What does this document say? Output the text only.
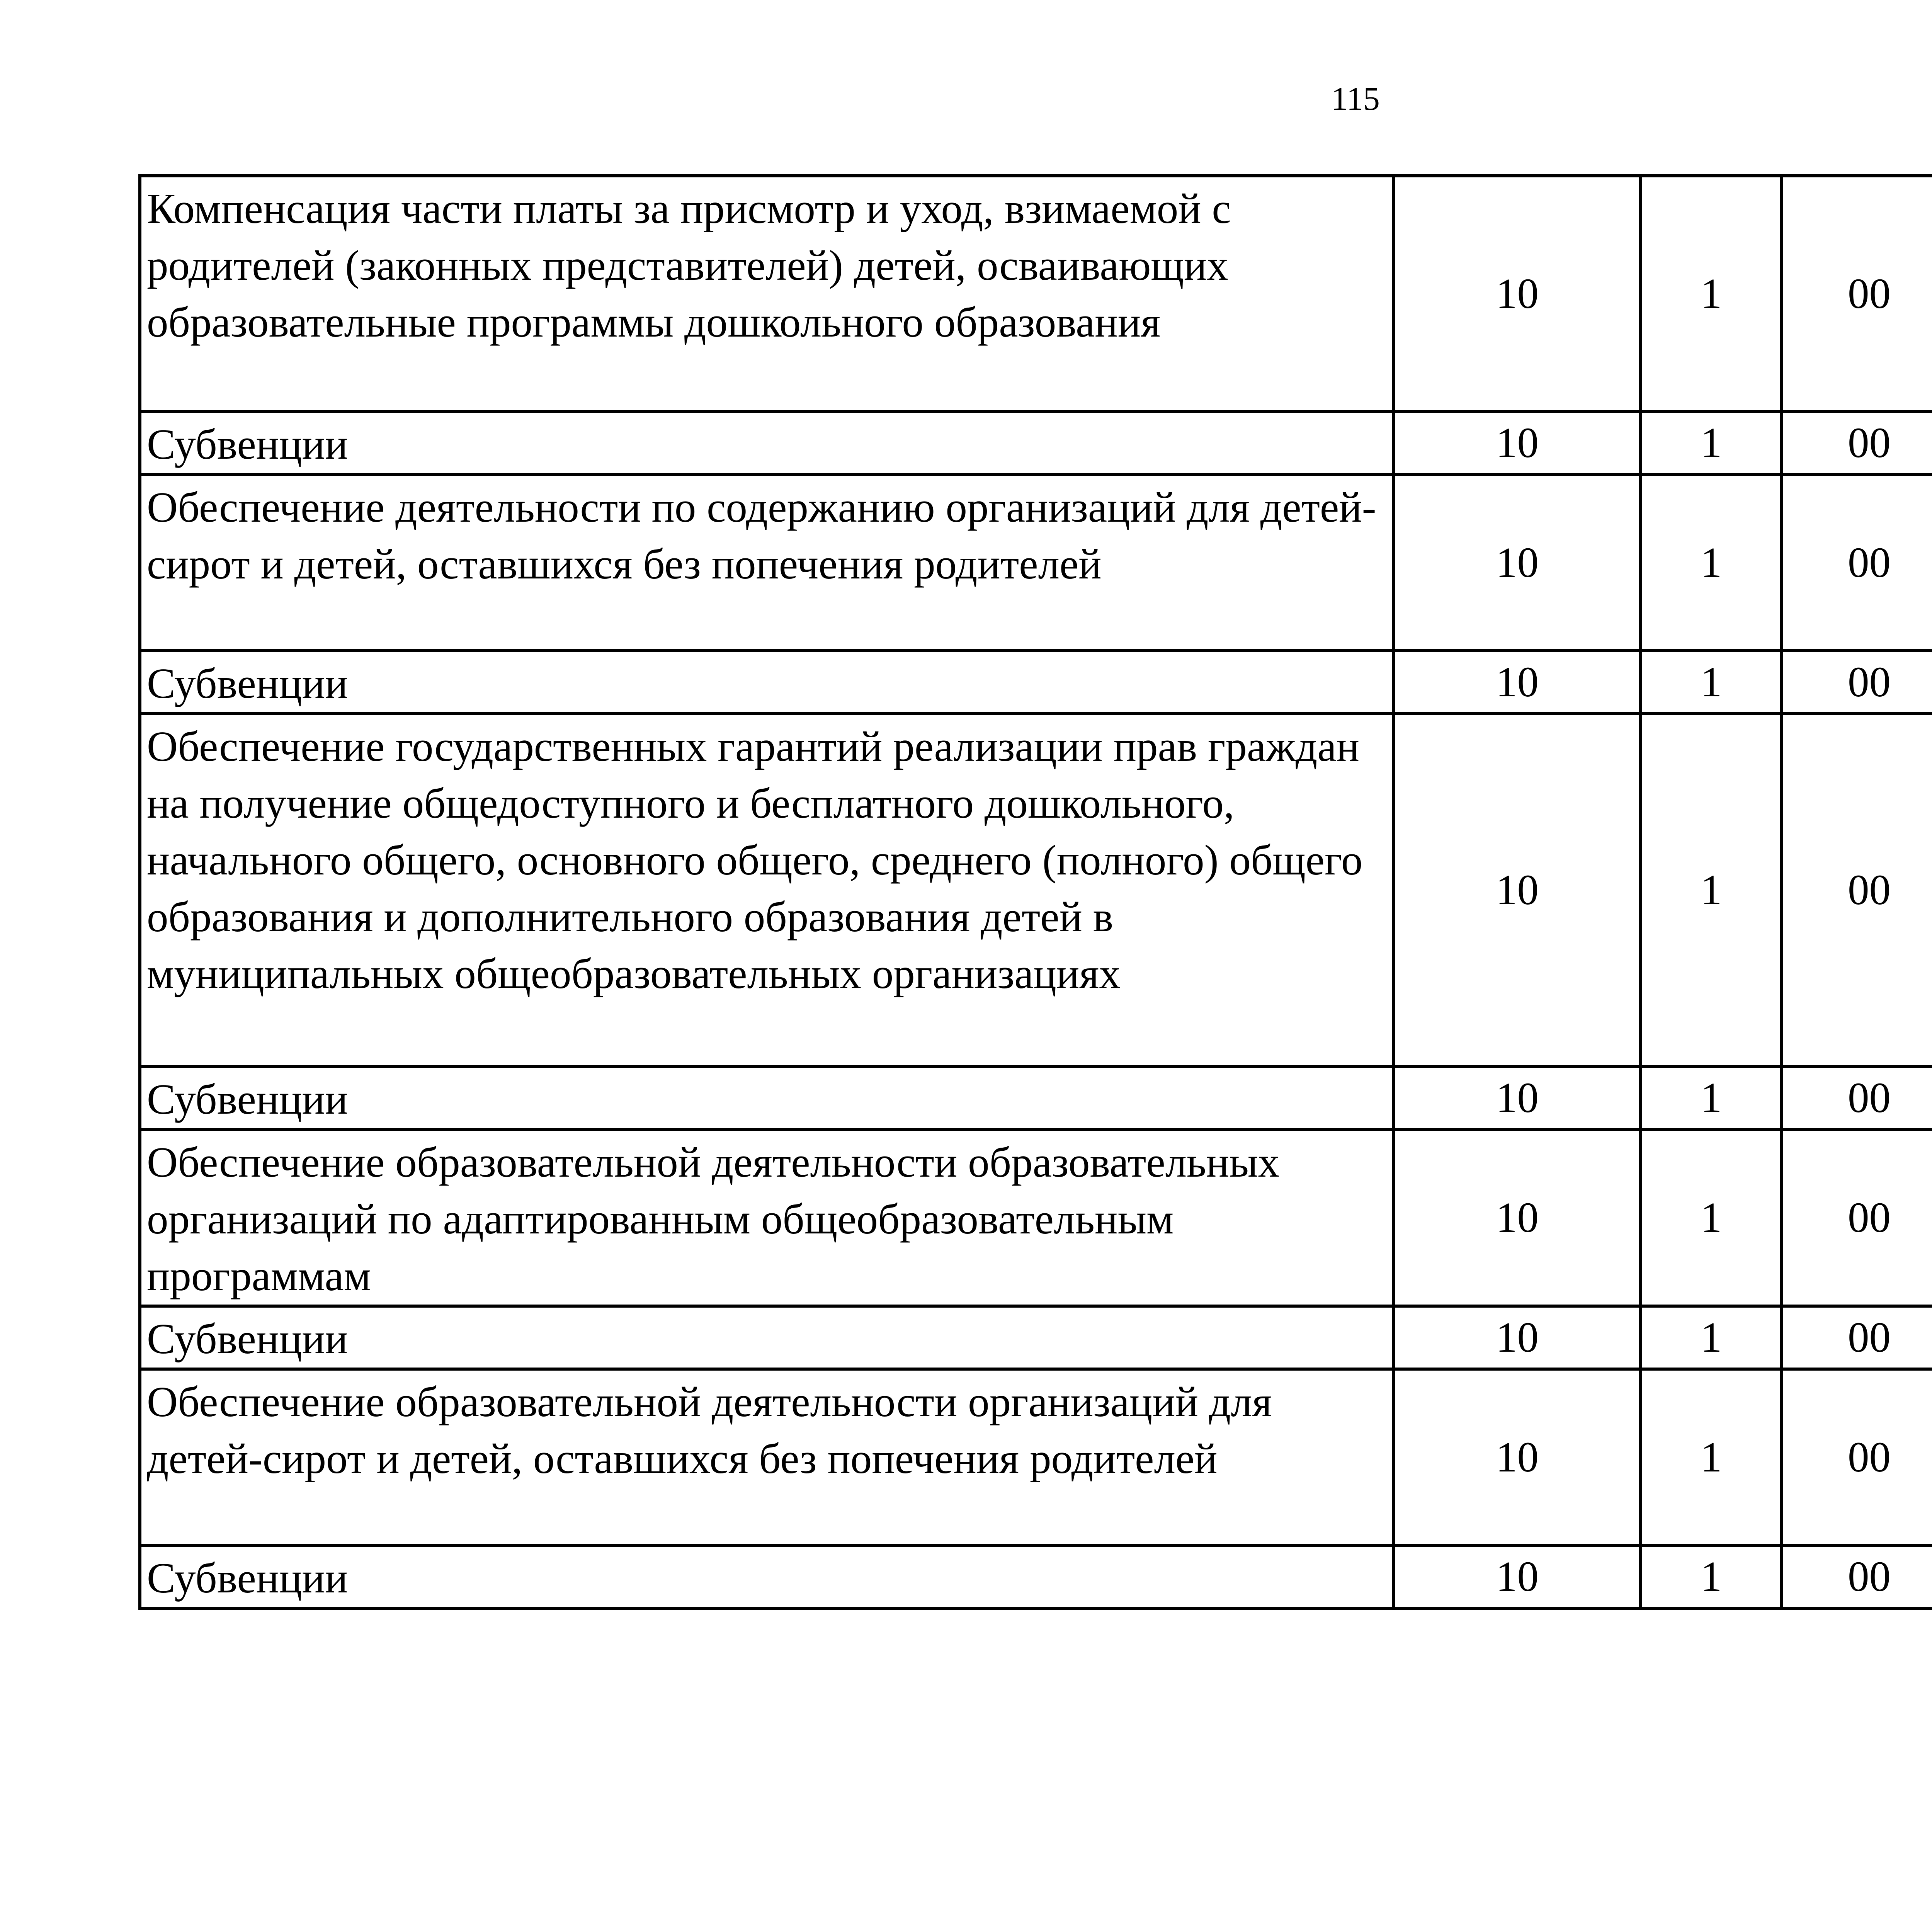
115
Компенсация части платы за присмотр и уход, взимаемой с родителей (законных представителей) детей, осваивающих образовательные программы дошкольного образования	10	1	00			
Субвенции	10	1	00			
Обеспечение деятельности по содержанию организаций для детей-сирот и детей, оставшихся без попечения родителей	10	1	00			
Субвенции	10	1	00			
Обеспечение государственных гарантий реализации прав граждан на получение общедоступного и бесплатного дошкольного, начального общего, основного общего, среднего (полного) общего образования и дополнительного образования детей в муниципальных общеобразовательных организациях	10	1	00			
Субвенции	10	1	00			
Обеспечение образовательной деятельности образовательных организаций по адаптированным общеобразовательным программам	10	1	00			
Субвенции	10	1	00			
Обеспечение образовательной деятельности организаций для детей-сирот и детей, оставшихся без попечения родителей	10	1	00			
Субвенции	10	1	00			
